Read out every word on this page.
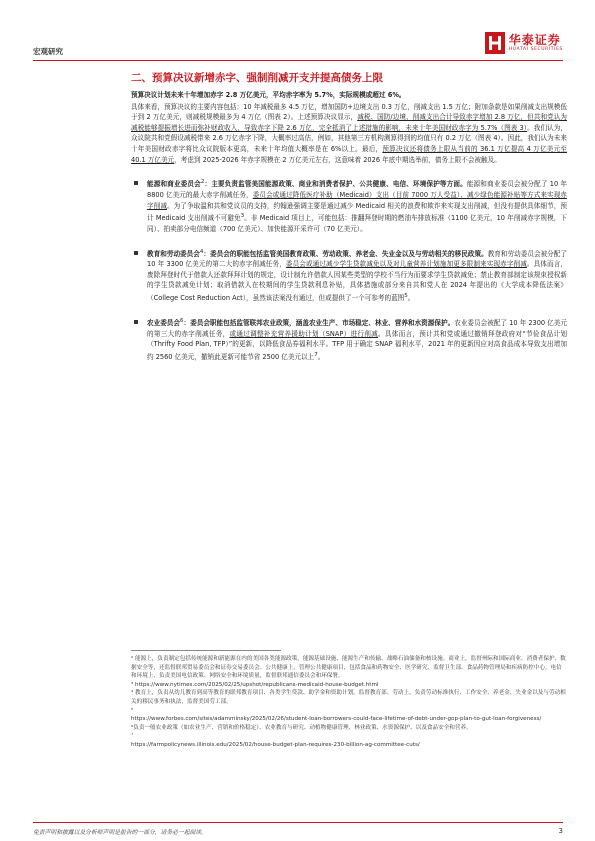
宏观研究
华泰证券
HUATAI SECURITIES
二、预算决议新增赤字、强制削减开支并提高债务上限

预算决议计划未来十年增加赤字 2.8 万亿美元，平均赤字率为 5.7%，实际规模或超过 6%。

具体来看，预算决议的主要内容包括：10 年减税最多 4.5 万亿，增加国防+边境支出 0.3 万亿，削减支出 1.5 万亿；附加条款是如果削减支出规模低于到 2 万亿美元，则减税规模最多为 4 万亿（图表 2）。上述预算决议显示，减税、国防/边境、削减支出合计导致赤字增加 2.8 万亿，但共和党认为减税能够提振增长进而弥补财政收入，导致赤字下降 2.6 万亿，完全抵消了上述措施的影响，未来十年美国财政赤字为 5.7%（图表 3）。我们认为，众议院共和党假设减税带来 2.6 万亿赤字下降，大概率过高估，例如，其他第三方机构测算得到的均值只有 0.2 万亿（图表 4）。因此，我们认为未来十年美国财政赤字将比众议院版本更高，未来十年均值大概率是在 6%以上。最后，预算决议还将债务上限从当前的 36.1 万亿提高 4 万亿美元至 40.1 万亿美元，考虑到 2025-2026 年赤字规模在 2 万亿美元左右，这意味着 2026 年底中期选举前，债务上限不会被触及。

能源和商业委员会$^2$：主要负责监管美国能源政策、商业和消费者保护、公共健康、电信、环境保护等方面。能源和商业委员会被分配了 10 年 8800 亿美元的最大赤字削减任务，委员会或通过降低医疗补助（Medicaid）支出（目前 7000 万人受益）、减少绿色能源补贴等方式来实现赤字削减。为了争取温和共和党议员的支持，约翰逊强调主要是通过减少 Medicaid 相关的浪费和欺诈来实现支出削减，但没有提供具体细节，预计 Medicaid 支出削减不可避免$^3$。非 Medicaid 项目上，可能包括：推翻拜登时期的燃油车排放标准（1100 亿美元，10 年削减赤字规模，下同）、拍卖部分电信频道（700 亿美元）、加快能源开采许可（70 亿美元）。

教育和劳动委员会$^4$：委员会的职能包括监管美国教育政策、劳动政策、养老金、失业金以及与劳动相关的移民政策。教育和劳动委员会被分配了 10 年 3300 亿美元的第二大的赤字削减任务，委员会或通过减少学生贷款减免以及对儿童营养计划施加更多限制来实现赤字削减。具体而言，废除拜登时代于借款人还款拜拜计划的规定，设计制允许借款人因某些类型的学校不当行为而要求学生贷款减免；禁止教育部制定该规束授权新的学生贷款减免计划；取消借款人在校期间的学生贷款利息补贴，具体措施或部分来自共和党人在 2024 年提出的《大学成本降低法案》（College Cost Reduction Act），虽然该法案没有通过，但或提供了一个可参考的蓝图$^5$。

农业委员会$^6$：委员会职能包括监管联邦农业政策，涵盖农业生产、市场稳定、林业、营养和水资源保护。农业委员会被配了 10 年 2300 亿美元的第三大的赤字削减任务，或通过调整补充营养援助计划（SNAP）进行削减。具体而言，预计共和党或通过撤销拜登政府对“节俭食品计划（Thrifty Food Plan, TFP）”的更新，以降低食品券福利水平。TFP 用于确定 SNAP 福利水平，2021 年的更新因应对高食品成本导致支出增加约 2560 亿美元，撤销此更新可能节省 2500 亿美元以上$^7$。

² 能源上，负责制定包括传统能源和新能源在内的美国各类能源政策，能源基础设施、能源生产和传输、战略石油储备和核设施。商业上，监督州际和国际商业、消费者保护、数据安全等，还监督联邦贸易委员会和证券交易委员会。公共健康上，管理公共健康项目，包括食品和药物安全、医学研究、监督卫生部、食品药物管理局和疾病防控中心。电信和环境上，负责美国电信政策、网络安全和环境质量，监督联邦通信委员会和环保署。

³ https://www.nytimes.com/2025/02/25/upshot/republicans-medicaid-house-budget.html

⁴ 教育上，负责从幼儿教育到高等教育的联邦教育项目、各类学生贷款、助学金和资助计划，监督教育部。劳动上，负责劳动标准执行、工作安全、养老金、失业金以及与劳动相关的移民事务和执法，监督美国劳工部。

⁵

https://www.forbes.com/sites/adamminsky/2025/02/26/student-loan-borrowers-could-face-lifetime-of-debt-under-gop-plan-to-gut-loan-forgiveness/

⁶负责一般农业政策（如农业生产、营销和价格稳定）、农业教育与研究、动植物健康管理、林业政策、水资源保护、以及食品安全和营养。

⁷

https://farmpolicynews.illinois.edu/2025/02/house-budget-plan-requires-230-billion-ag-committee-cuts/

免责声明和披露以及分析师声明是报告的一部分，请务必一起阅读。	3
